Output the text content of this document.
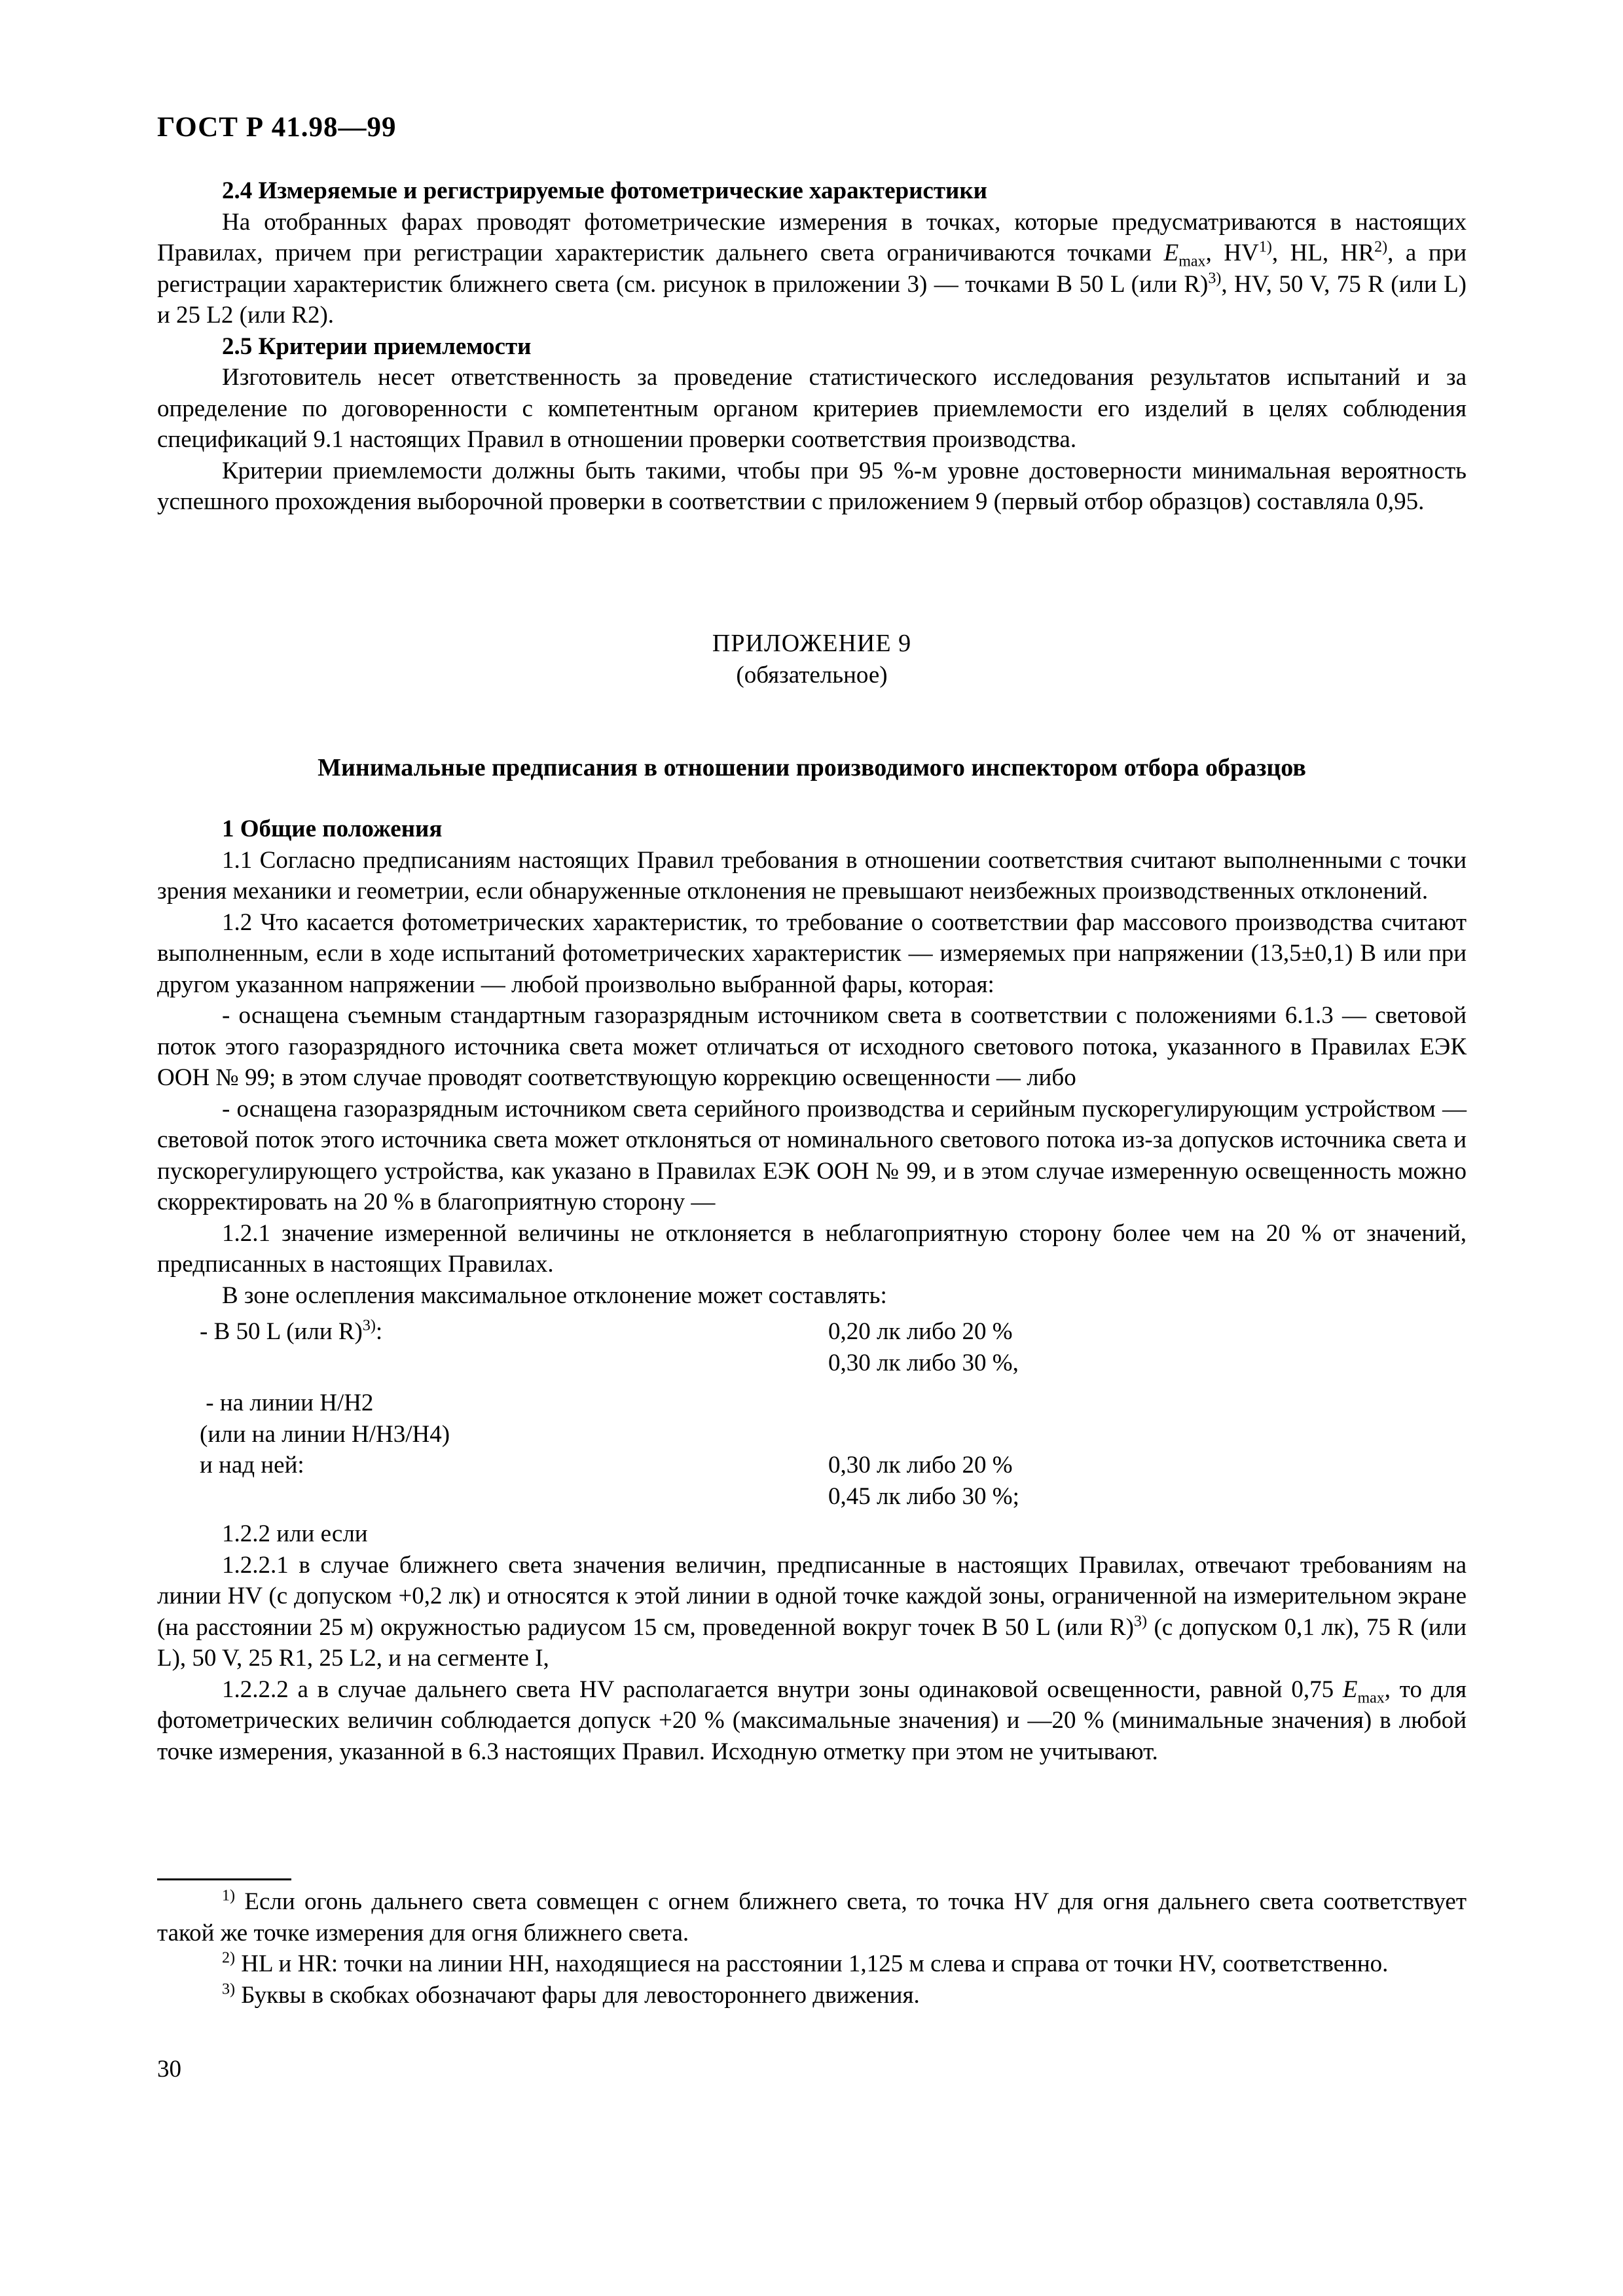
ГОСТ Р 41.98—99

2.4 Измеряемые и регистрируемые фотометрические характеристики

На отобранных фарах проводят фотометрические измерения в точках, которые предусматриваются в настоящих Правилах, причем при регистрации характеристик дальнего света ограничиваются точками $E_{max}$, HV$^{1)}$, HL, HR$^{2)}$, а при регистрации характеристик ближнего света (см. рисунок в приложении 3) — точками B 50 L (или R)$^{3)}$, HV, 50 V, 75 R (или L) и 25 L2 (или R2).

2.5 Критерии приемлемости

Изготовитель несет ответственность за проведение статистического исследования результатов испытаний и за определение по договоренности с компетентным органом критериев приемлемости его изделий в целях соблюдения спецификаций 9.1 настоящих Правил в отношении проверки соответствия производства.

Критерии приемлемости должны быть такими, чтобы при 95 %-м уровне достоверности минимальная вероятность успешного прохождения выборочной проверки в соответствии с приложением 9 (первый отбор образцов) составляла 0,95.

ПРИЛОЖЕНИЕ 9
(обязательное)
Минимальные предписания в отношении производимого инспектором отбора образцов

1 Общие положения

1.1 Согласно предписаниям настоящих Правил требования в отношении соответствия считают выполненными с точки зрения механики и геометрии, если обнаруженные отклонения не превышают неизбежных производственных отклонений.

1.2 Что касается фотометрических характеристик, то требование о соответствии фар массового производства считают выполненным, если в ходе испытаний фотометрических характеристик — измеряемых при напряжении (13,5±0,1) В или при другом указанном напряжении — любой произвольно выбранной фары, которая:

- оснащена съемным стандартным газоразрядным источником света в соответствии с положениями 6.1.3 — световой поток этого газоразрядного источника света может отличаться от исходного светового потока, указанного в Правилах ЕЭК ООН № 99; в этом случае проводят соответствующую коррекцию освещенности — либо

- оснащена газоразрядным источником света серийного производства и серийным пускорегулирующим устройством — световой поток этого источника света может отклоняться от номинального светового потока из-за допусков источника света и пускорегулирующего устройства, как указано в Правилах ЕЭК ООН № 99, и в этом случае измеренную освещенность можно скорректировать на 20 % в благоприятную сторону —

1.2.1 значение измеренной величины не отклоняется в неблагоприятную сторону более чем на 20 % от значений, предписанных в настоящих Правилах.

В зоне ослепления максимальное отклонение может составлять:

- B 50 L (или R)$^{3)}$:	0,20 лк либо 20 %
0,30 лк либо 30 %,
- на линии H/H2
(или на линии H/H3/H4)
и над ней:	0,30 лк либо 20 %
0,45 лк либо 30 %;

1.2.2 или если

1.2.2.1 в случае ближнего света значения величин, предписанные в настоящих Правилах, отвечают требованиям на линии HV (с допуском +0,2 лк) и относятся к этой линии в одной точке каждой зоны, ограниченной на измерительном экране (на расстоянии 25 м) окружностью радиусом 15 см, проведенной вокруг точек B 50 L (или R)$^{3)}$ (с допуском 0,1 лк), 75 R (или L), 50 V, 25 R1, 25 L2, и на сегменте I,

1.2.2.2 а в случае дальнего света HV располагается внутри зоны одинаковой освещенности, равной 0,75 $E_{max}$, то для фотометрических величин соблюдается допуск +20 % (максимальные значения) и —20 % (минимальные значения) в любой точке измерения, указанной в 6.3 настоящих Правил. Исходную отметку при этом не учитывают.

$^{1)}$ Если огонь дальнего света совмещен с огнем ближнего света, то точка HV для огня дальнего света соответствует такой же точке измерения для огня ближнего света.

$^{2)}$ HL и HR: точки на линии HH, находящиеся на расстоянии 1,125 м слева и справа от точки HV, соответственно.

$^{3)}$ Буквы в скобках обозначают фары для левостороннего движения.

30
